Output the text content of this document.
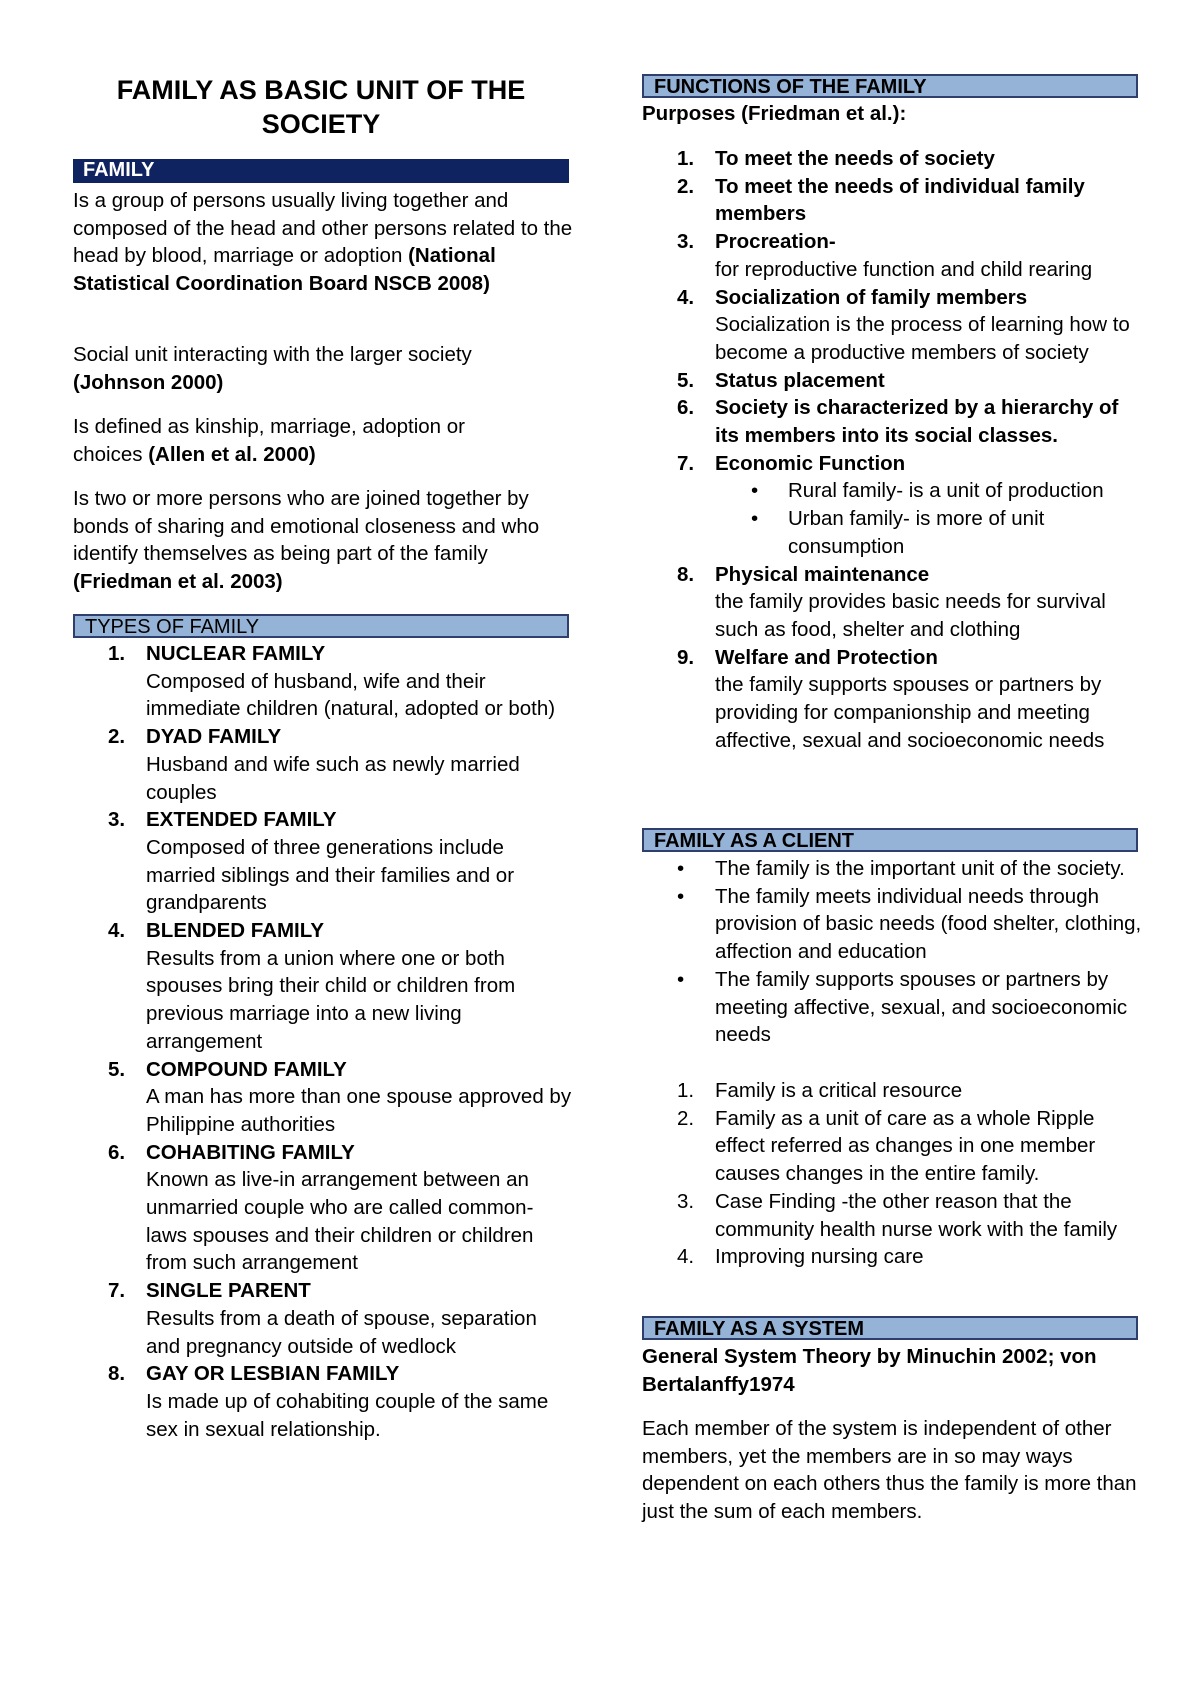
FAMILY AS BASIC UNIT OF THE SOCIETY
FAMILY

Is a group of persons usually living together and composed of the head and other persons related to the head by blood, marriage or adoption (National Statistical Coordination Board NSCB 2008)

Social unit interacting with the larger society
(Johnson 2000)

Is defined as kinship, marriage, adoption or choices (Allen et al. 2000)

Is two or more persons who are joined together by bonds of sharing and emotional closeness and who identify themselves as being part of the family (Friedman et al. 2003)

TYPES OF FAMILY
1. NUCLEAR FAMILY
Composed of husband, wife and their immediate children (natural, adopted or both)
2. DYAD FAMILY
Husband and wife such as newly married couples
3. EXTENDED FAMILY
Composed of three generations include married siblings and their families and or grandparents
4. BLENDED FAMILY
Results from a union where one or both spouses bring their child or children from previous marriage into a new living arrangement
5. COMPOUND FAMILY
A man has more than one spouse approved by Philippine authorities
6. COHABITING FAMILY
Known as live-in arrangement between an unmarried couple who are called common-laws spouses and their children or children from such arrangement
7. SINGLE PARENT
Results from a death of spouse, separation and pregnancy outside of wedlock
8. GAY OR LESBIAN FAMILY
Is made up of cohabiting couple of the same sex in sexual relationship.
FUNCTIONS OF THE FAMILY

Purposes (Friedman et al.):

1. To meet the needs of society
2. To meet the needs of individual family members
3. Procreation-
for reproductive function and child rearing
4. Socialization of family members
Socialization is the process of learning how to become a productive members of society
5. Status placement
6. Society is characterized by a hierarchy of its members into its social classes.
7. Economic Function
• Rural family- is a unit of production
• Urban family- is more of unit consumption
8. Physical maintenance
the family provides basic needs for survival such as food, shelter and clothing
9. Welfare and Protection
the family supports spouses or partners by providing for companionship and meeting affective, sexual and socioeconomic needs
FAMILY AS A CLIENT
• The family is the important unit of the society.
• The family meets individual needs through provision of basic needs (food shelter, clothing, affection and education
• The family supports spouses or partners by meeting affective, sexual, and socioeconomic needs
1. Family is a critical resource
2. Family as a unit of care as a whole Ripple effect referred as changes in one member causes changes in the entire family.
3. Case Finding -the other reason that the community health nurse work with the family
4. Improving nursing care
FAMILY AS A SYSTEM

General System Theory by Minuchin 2002; von Bertalanffy1974

Each member of the system is independent of other members, yet the members are in so may ways dependent on each others thus the family is more than just the sum of each members.
